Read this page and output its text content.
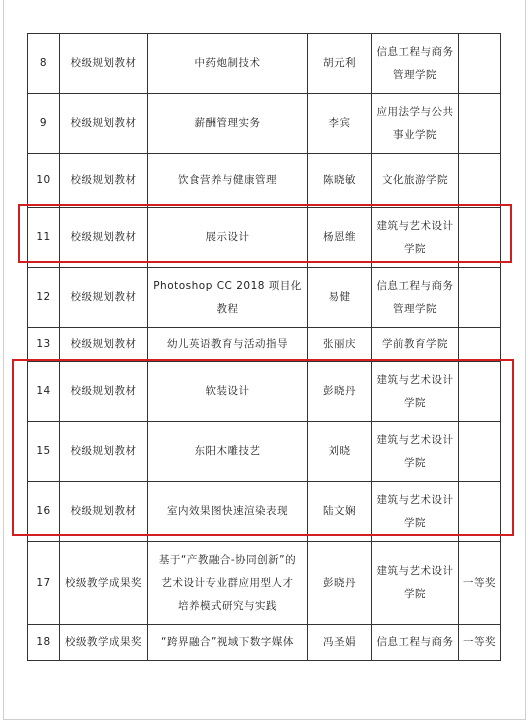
8	校级规划教材	中药炮制技术	胡元利	信息工程与商务管理学院	
9	校级规划教材	薪酬管理实务	李宾	应用法学与公共事业学院	
10	校级规划教材	饮食营养与健康管理	陈晓敏	文化旅游学院	
11	校级规划教材	展示设计	杨恩维	建筑与艺术设计学院	
12	校级规划教材	Photoshop CC 2018 项目化教程	易健	信息工程与商务管理学院	
13	校级规划教材	幼儿英语教育与活动指导	张丽庆	学前教育学院	
14	校级规划教材	软装设计	彭晓丹	建筑与艺术设计学院	
15	校级规划教材	东阳木雕技艺	刘晓	建筑与艺术设计学院	
16	校级规划教材	室内效果图快速渲染表现	陆文娴	建筑与艺术设计学院	
17	校级教学成果奖	基于“产教融合-协同创新”的艺术设计专业群应用型人才培养模式研究与实践	彭晓丹	建筑与艺术设计学院	一等奖
18	校级教学成果奖	“跨界融合”视域下数字媒体	冯圣娟	信息工程与商务	一等奖
